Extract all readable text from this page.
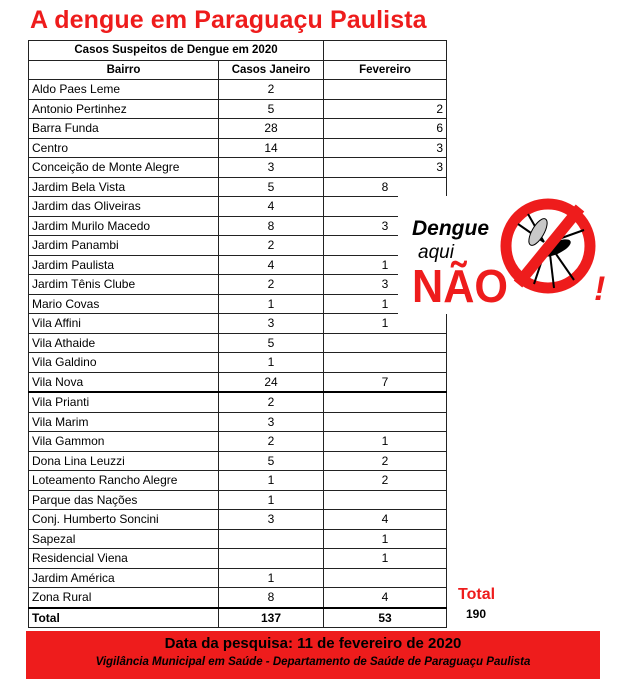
A dengue em Paraguaçu Paulista
Casos Suspeitos de Dengue em 2020		
Bairro	Casos Janeiro	Fevereiro
Aldo Paes Leme	2	
Antonio Pertinhez	5	2
Barra Funda	28	6
Centro	14	3
Conceição de Monte Alegre	3	3
Jardim Bela Vista	5	8
Jardim das Oliveiras	4	
Jardim Murilo Macedo	8	3
Jardim Panambi	2	
Jardim Paulista	4	1
Jardim Tênis Clube	2	3
Mario Covas	1	1
Vila Affini	3	1
Vila Athaide	5	
Vila Galdino	1	
Vila Nova	24	7
Vila Prianti	2	
Vila Marim	3	
Vila Gammon	2	1
Dona Lina Leuzzi	5	2
Loteamento Rancho Alegre	1	2
Parque das Nações	1	
Conj. Humberto Soncini	3	4
Sapezal		1
Residencial Viena		1
Jardim América	1	
Zona Rural	8	4
Total	137	53
Dengue
aqui
NÃO	!
Total
190
Data da pesquisa: 11 de fevereiro de 2020
Vigilância Municipal em Saúde - Departamento de Saúde de Paraguaçu Paulista
